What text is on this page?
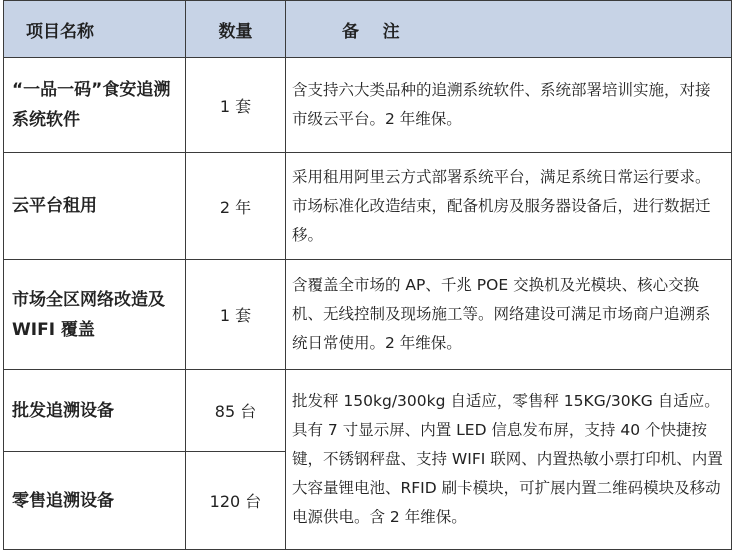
项目名称	数量	备    注
“一品一码”食安追溯系统软件	1 套	含支持六大类品种的追溯系统软件、系统部署培训实施，对接市级云平台。2 年维保。
云平台租用	2 年	采用租用阿里云方式部署系统平台，满足系统日常运行要求。市场标准化改造结束，配备机房及服务器设备后，进行数据迁移。
市场全区网络改造及 WIFI 覆盖	1 套	含覆盖全市场的 AP、千兆 POE 交换机及光模块、核心交换机、无线控制及现场施工等。网络建设可满足市场商户追溯系统日常使用。2 年维保。
批发追溯设备	85 台	批发秤 150kg/300kg 自适应，零售秤 15KG/30KG 自适应。具有 7 寸显示屏、内置 LED 信息发布屏，支持 40 个快捷按键，不锈钢秤盘、支持 WIFI 联网、内置热敏小票打印机、内置大容量锂电池、RFID 刷卡模块，可扩展内置二维码模块及移动电源供电。含 2 年维保。
零售追溯设备	120 台	
